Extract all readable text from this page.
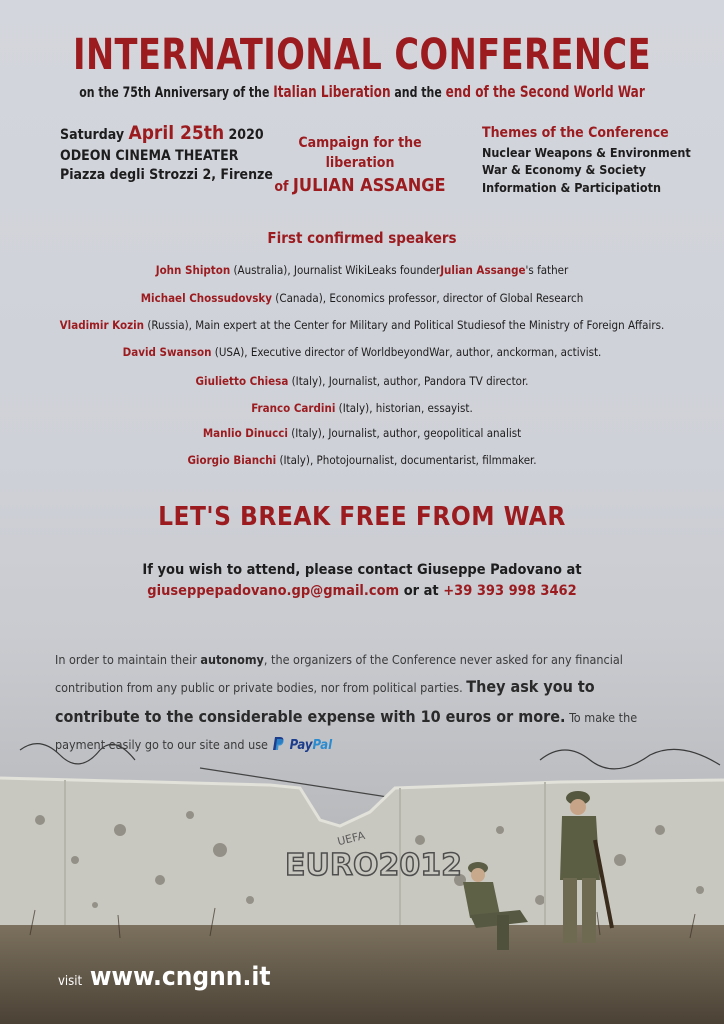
INTERNATIONAL CONFERENCE
on the 75th Anniversary of the Italian Liberation and the end of the Second World War
Saturday April 25th 2020
ODEON CINEMA THEATER
Piazza degli Strozzi 2, Firenze
Campaign for the liberation
of JULIAN ASSANGE
Themes of the Conference
Nuclear Weapons & Environment
War & Economy & Society
Information & Participatiotn
First confirmed speakers
John Shipton (Australia), Journalist WikiLeaks founderJulian Assange's father
Michael Chossudovsky (Canada), Economics professor, director of Global Research
Vladimir Kozin (Russia), Main expert at the Center for Military and Political Studiesof the Ministry of Foreign Affairs.
David Swanson (USA), Executive director of WorldbeyondWar, author, anckorman, activist.
Giulietto Chiesa (Italy), Journalist, author, Pandora TV director.
Franco Cardini (Italy), historian, essayist.
Manlio Dinucci (Italy), Journalist, author, geopolitical analist
Giorgio Bianchi (Italy), Photojournalist, documentarist, filmmaker.
LET'S BREAK FREE FROM WAR
If you wish to attend, please contact Giuseppe Padovano at
giuseppepadovano.gp@gmail.com or at +39 393 998 3462
In order to maintain their autonomy, the organizers of the Conference never asked for any financial contribution from any public or private bodies, nor from political parties. They ask you to contribute to the considerable expense with 10 euros or more. To make the payment easily go to our site and use PayPal
UEFA
EURO2012
visit www.cngnn.it
